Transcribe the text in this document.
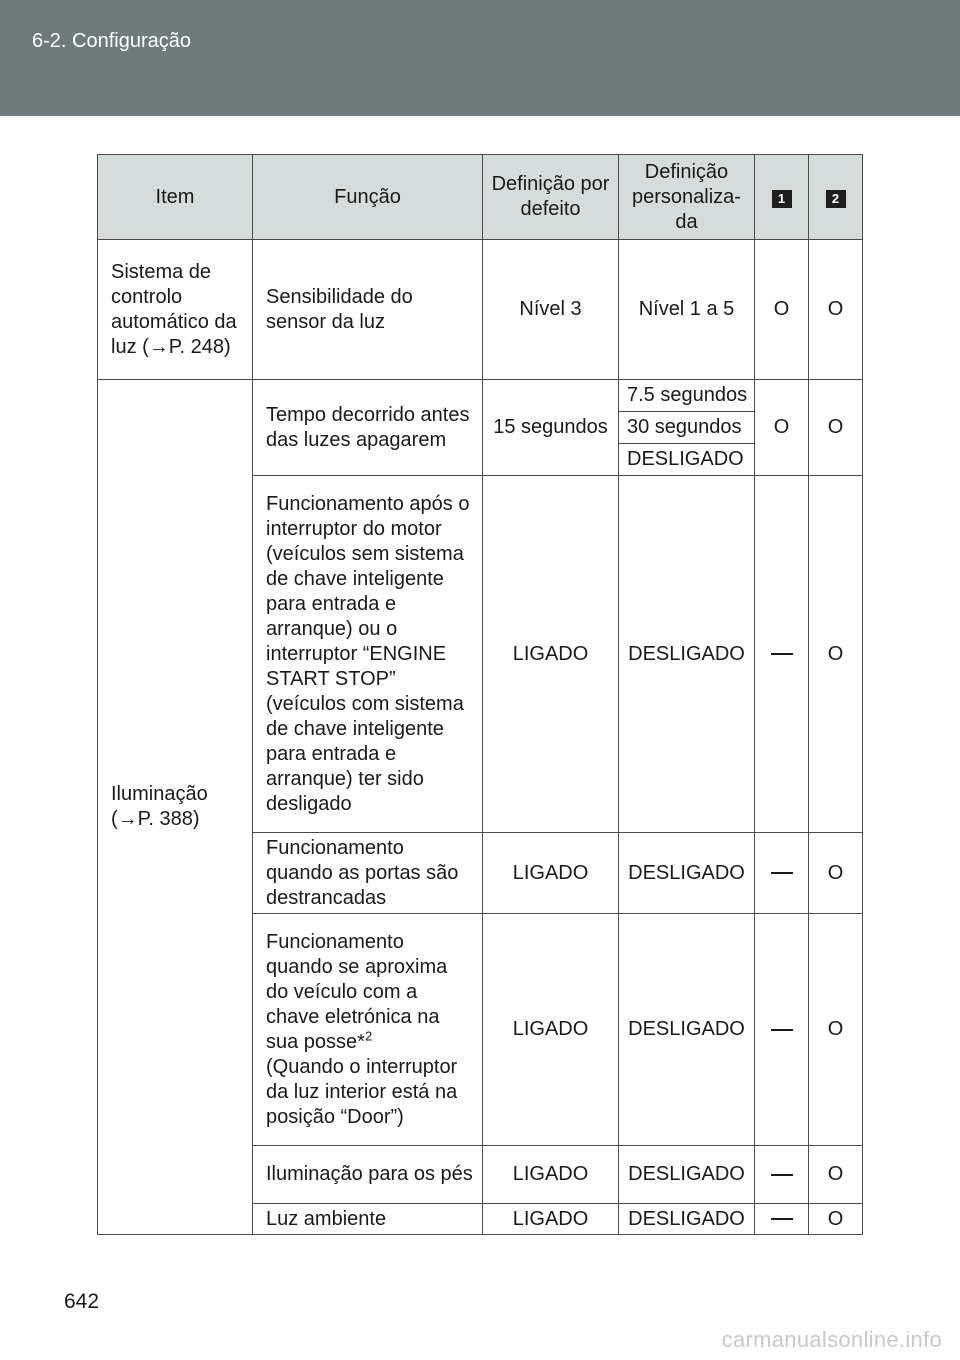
6-2. Configuração
Item	Função	Definição por defeito	Definição personaliza-da	1	2
Sistema de controlo automático da luz (→P. 248)	Sensibilidade do sensor da luz	Nível 3	Nível 1 a 5	O	O
Iluminação (→P. 388)	Tempo decorrido antes das luzes apagarem	15 segundos	7.5 segundos	O	O
			30 segundos		
			DESLIGADO		
	Funcionamento após o interruptor do motor (veículos sem sistema de chave inteligente para entrada e arranque) ou o interruptor “ENGINE START STOP” (veículos com sistema de chave inteligente para entrada e arranque) ter sido desligado	LIGADO	DESLIGADO		O
	Funcionamento quando as portas são destrancadas	LIGADO	DESLIGADO		O
	Funcionamento quando se aproxima do veículo com a chave eletrónica na sua posse*$^2$
(Quando o interruptor da luz interior está na posição “Door”)	LIGADO	DESLIGADO		O
	Iluminação para os pés	LIGADO	DESLIGADO		O
	Luz ambiente	LIGADO	DESLIGADO		O
642
carmanualsonline.info
